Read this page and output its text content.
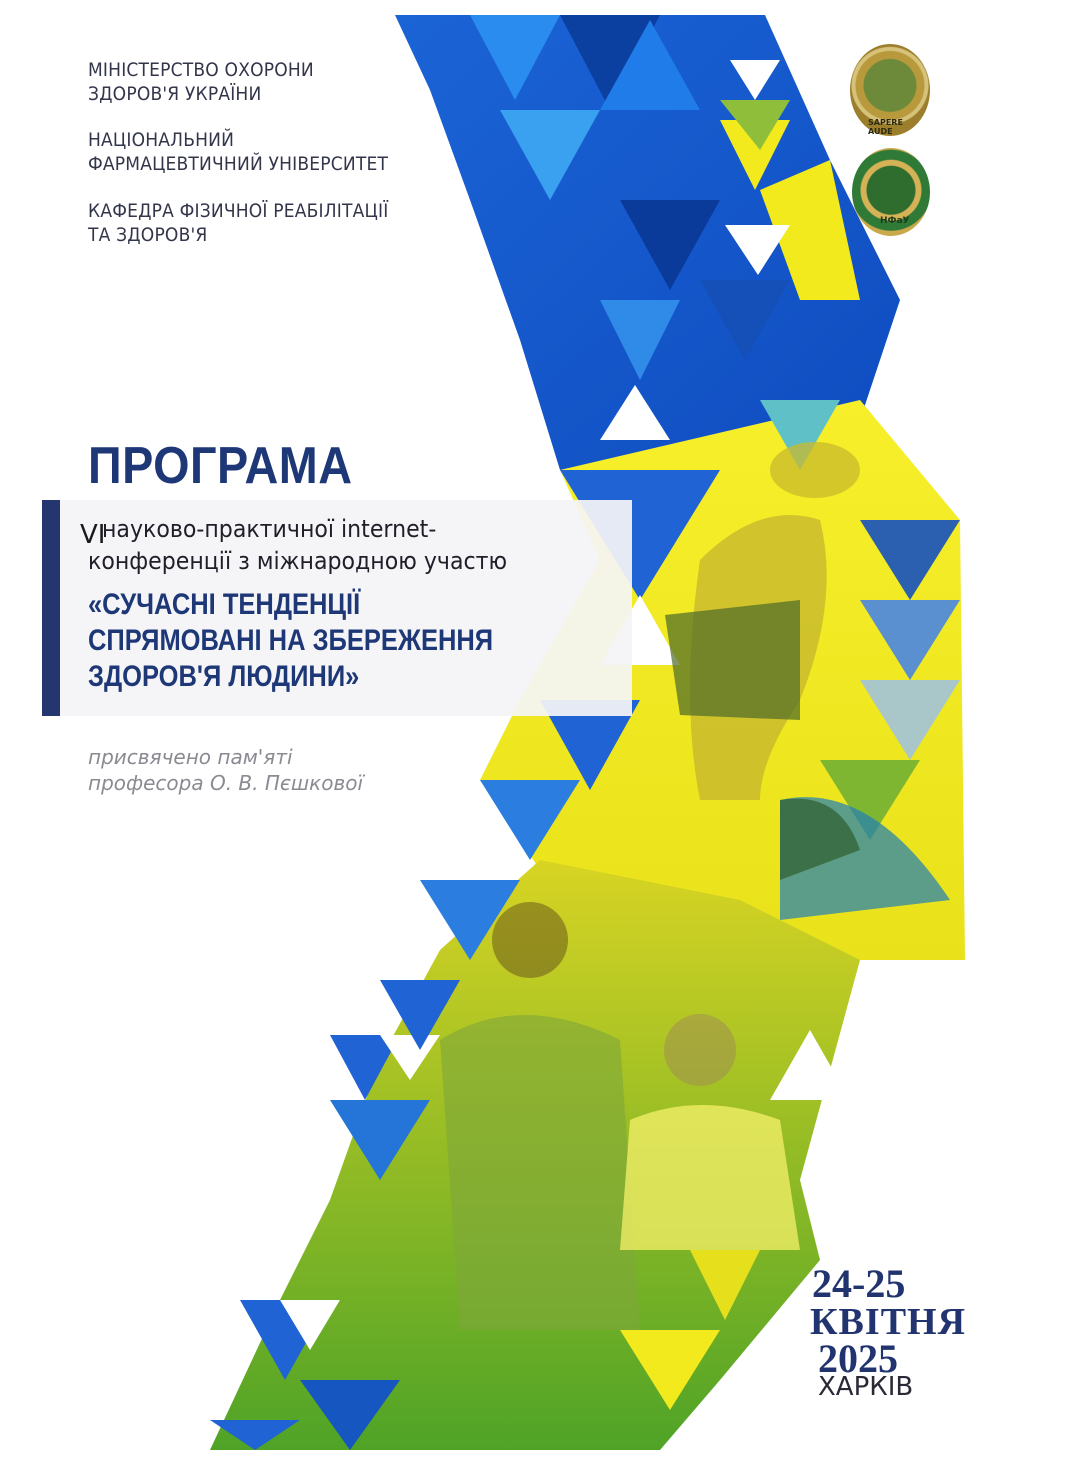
SAPERE AUDE
НФаУ
МІНІСТЕРСТВО ОХОРОНИ
ЗДОРОВ'Я УКРАЇНИ
НАЦІОНАЛЬНИЙ
ФАРМАЦЕВТИЧНИЙ УНІВЕРСИТЕТ
КАФЕДРА ФІЗИЧНОЇ РЕАБІЛІТАЦІЇ
ТА ЗДОРОВ'Я
ПРОГРАМА
VI
науково-практичної internet-
конференції з міжнародною участю
«СУЧАСНІ ТЕНДЕНЦІЇ
СПРЯМОВАНІ НА ЗБЕРЕЖЕННЯ
ЗДОРОВ'Я ЛЮДИНИ»
присвячено пам'яті
професора О. В. Пєшкової
24-25
КВІТНЯ
2025
ХАРКІВ
